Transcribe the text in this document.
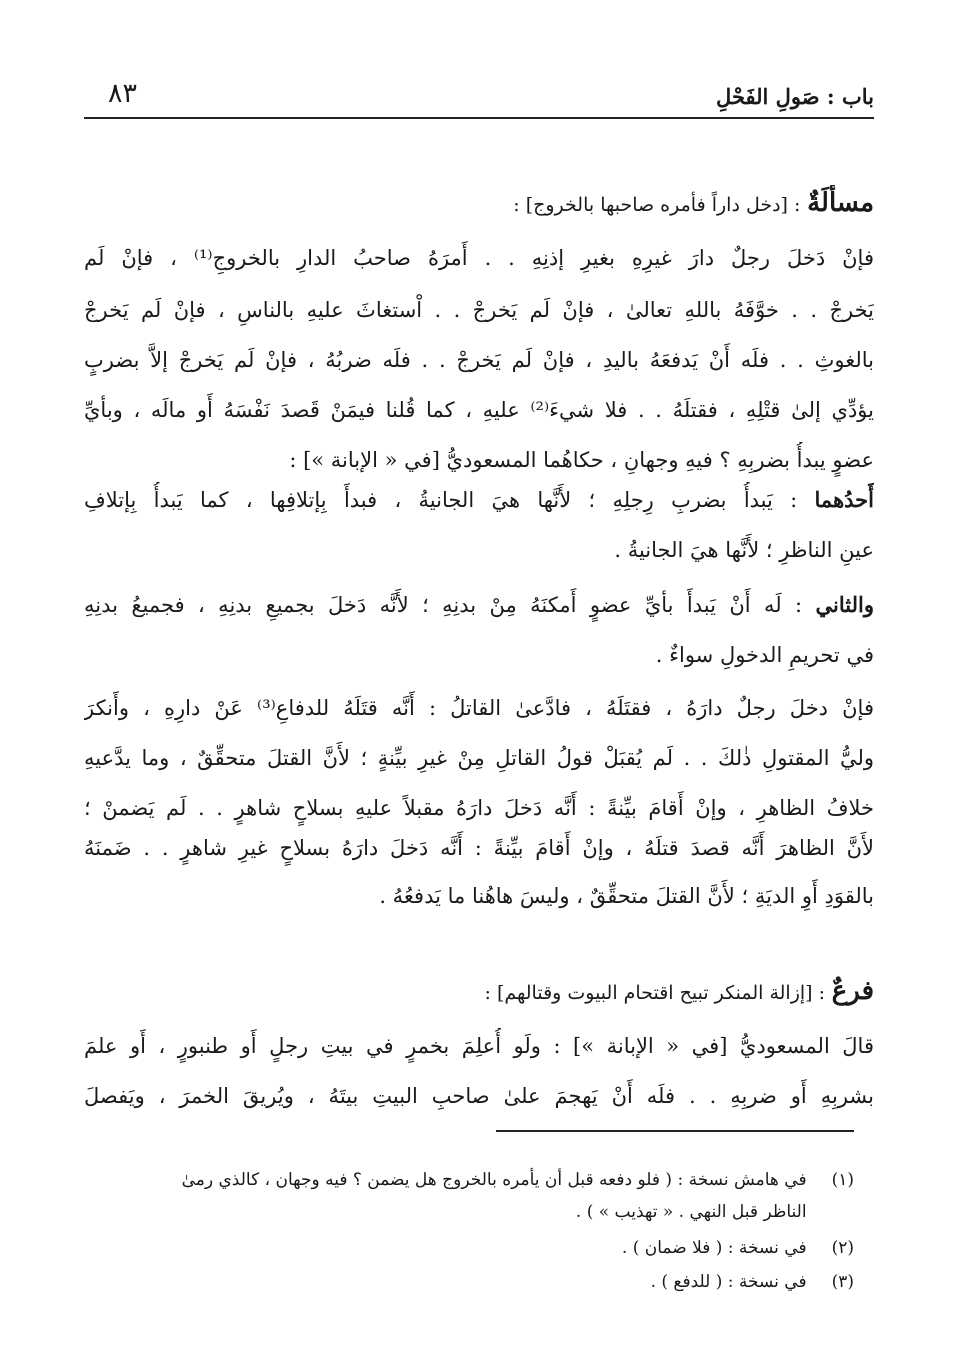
باب : صَولِ الفَحْلِ
٨٣
مسأَلَةٌ : [دخل داراً فأمره صاحبها بالخروج] :
فإنْ دَخلَ رجلٌ دارَ غيرِهِ بغيرِ إذنِهِ . . أَمرَهُ صاحبُ الدارِ بالخروجِ⁽¹⁾ ، فإنْ لَم
يَخرجْ . . خوَّفَهُ باللهِ تعالىٰ ، فإنْ لَم يَخرجْ . . اْستغاثَ عليهِ بالناسِ ، فإنْ لَم يَخرجْ
بالغوثِ . . فلَه أَنْ يَدفعَهُ باليدِ ، فإنْ لَم يَخرجْ . . فلَه ضربُهُ ، فإنْ لَم يَخرجْ إلاَّ بضربٍ
يؤدِّي إلىٰ قتْلِهِ ، فقتلَهُ . . فلا شيءَ⁽²⁾ عليهِ ، كما قُلنا فيمَنْ قَصدَ نَفْسَهُ أَو مالَه ، وبأيِّ
عضوٍ يبدأُ بضربِهِ ؟ فيهِ وجهانِ ، حكاهُما المسعوديُّ [في « الإبانة »] :
أَحدُهما : يَبدأُ بضربِ رِجلِهِ ؛ لأَنَّها هيَ الجانيةُ ، فبدأَ بِإتلافِها ، كما يَبدأُ بِإتلافِ
عينِ الناظرِ ؛ لأَنَّها هيَ الجانيةُ .
والثاني : لَه أَنْ يَبدأَ بأيِّ عضوٍ أَمكنَهُ مِنْ بدنِهِ ؛ لأَنَّه دَخلَ بجميعِ بدنِهِ ، فجميعُ بدنِهِ
في تحريمِ الدخولِ سواءٌ .
فإنْ دخلَ رجلٌ دارَهُ ، فقتَلَهُ ، فادَّعىٰ القاتلُ : أَنَّه قتَلَهُ للدفاعِ⁽³⁾ عَنْ دارِهِ ، وأَنكرَ
وليُّ المقتولِ ذٰلكَ . . لَم يُقبَلْ قولُ القاتلِ مِنْ غيرِ بيِّنةٍ ؛ لأَنَّ القتلَ متحقِّقٌ ، وما يدَّعيهِ
خلافُ الظاهرِ ، وإنْ أَقامَ بيِّنةً : أَنَّه دَخلَ دارَهُ مقبلاً عليهِ بسلاحٍ شاهرٍ . . لَم يَضمنْ ؛
لأَنَّ الظاهرَ أَنَّه قصدَ قتلَهُ ، وإنْ أَقامَ بيِّنةً : أَنَّه دَخلَ دارَهُ بسلاحٍ غيرِ شاهرٍ . . ضَمنَهُ
بالقوَدِ أَوِ الديَةِ ؛ لأَنَّ القتلَ متحقِّقٌ ، وليسَ هاهُنا ما يَدفعُهُ .
فرعٌ : [إزالة المنكر تبيح اقتحام البيوت وقتالهم] :
قالَ المسعوديُّ [في « الإبانة »] : ولَو أُعلِمَ بخمرٍ في بيتِ رجلٍ أَو طنبورٍ ، أَو علمَ
بشربِهِ أَو ضربِهِ . . فلَه أَنْ يَهجمَ علىٰ صاحبِ البيتِ بيتَهُ ، ويُريقَ الخمرَ ، ويَفصلَ
(١) في هامش نسخة : ( فلو دفعه قبل أن يأمره بالخروج هل يضمن ؟ فيه وجهان ، كالذي رمىٰ
الناظر قبل النهي . « تهذيب » ) .
(٢) في نسخة : ( فلا ضمان ) .
(٣) في نسخة : ( للدفع ) .
